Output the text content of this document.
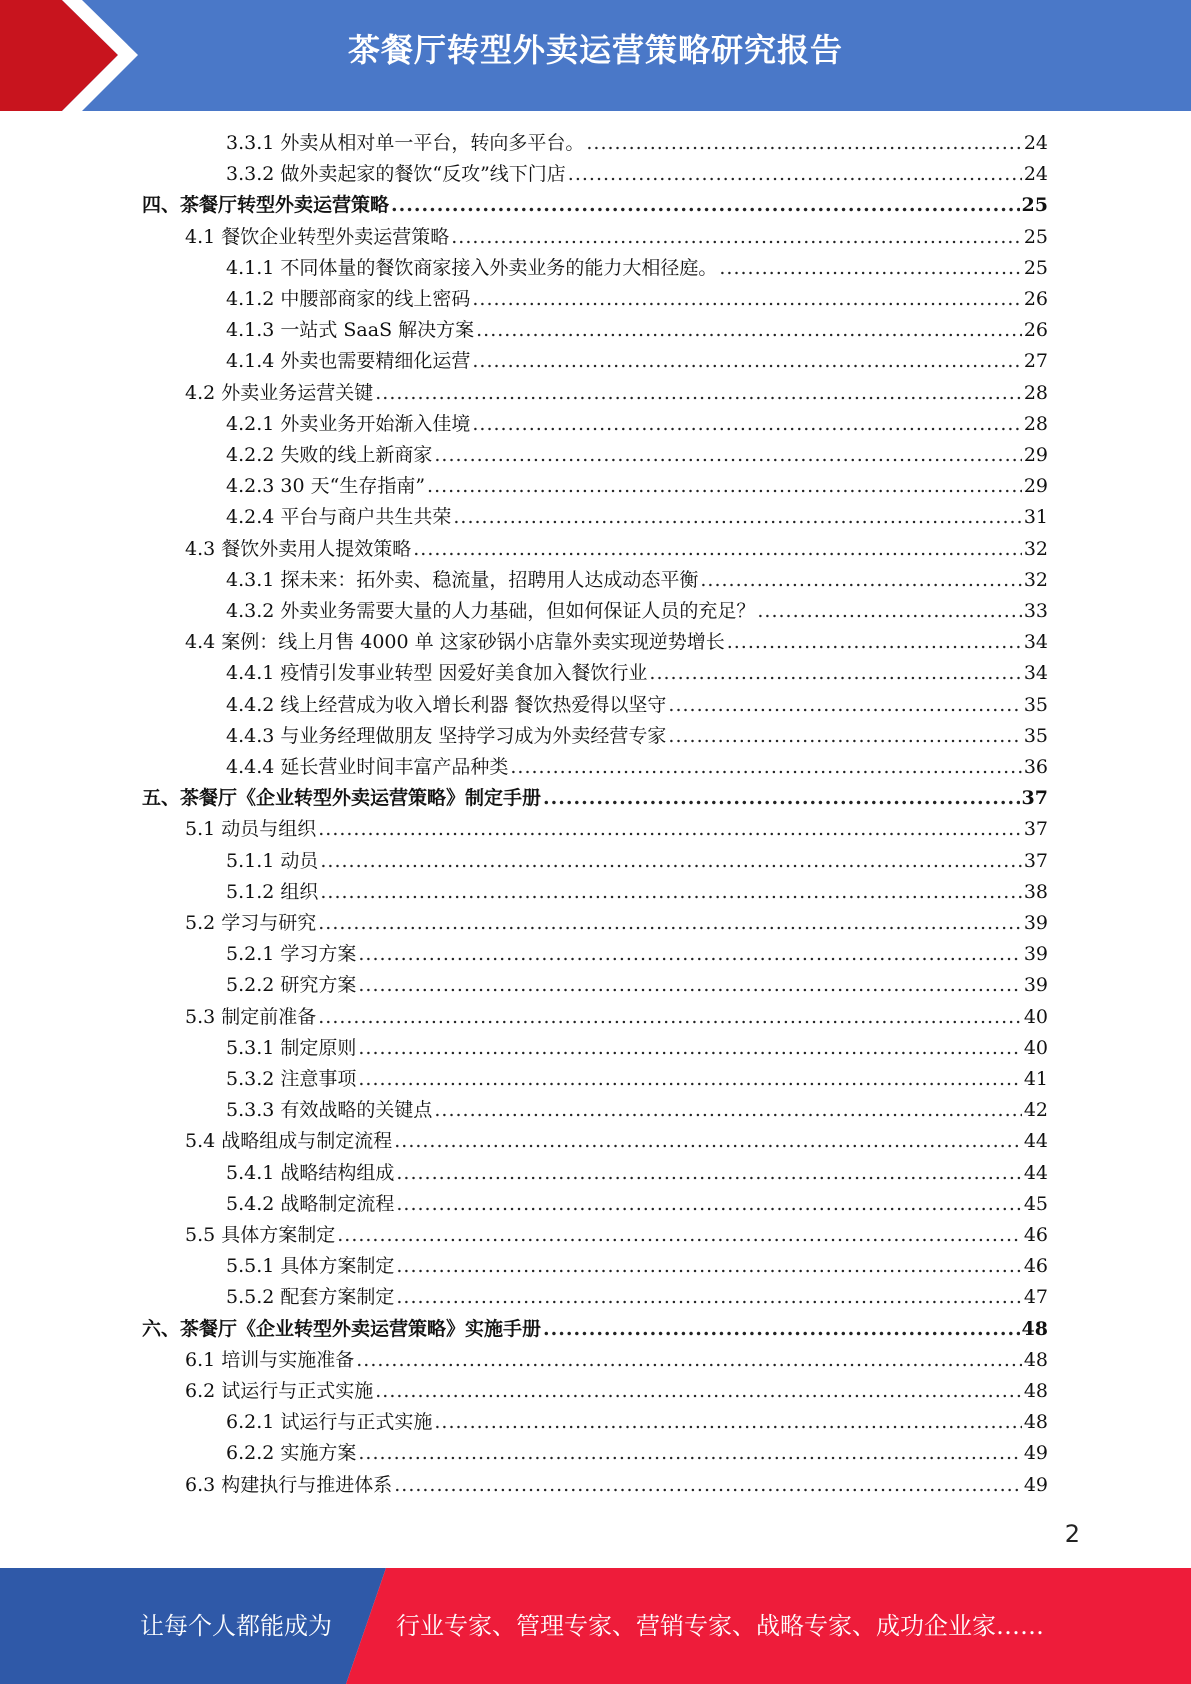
茶餐厅转型外卖运营策略研究报告
3.3.1 外卖从相对单一平台，转向多平台。 .....	24
3.3.2 做外卖起家的餐饮“反攻”线下门店 .....	24
四、茶餐厅转型外卖运营策略 .....	25
4.1 餐饮企业转型外卖运营策略 .....	25
4.1.1 不同体量的餐饮商家接入外卖业务的能力大相径庭。 .....	25
4.1.2 中腰部商家的线上密码 .....	26
4.1.3 一站式 SaaS 解决方案 .....	26
4.1.4 外卖也需要精细化运营 .....	27
4.2 外卖业务运营关键 .....	28
4.2.1 外卖业务开始渐入佳境 .....	28
4.2.2 失败的线上新商家 .....	29
4.2.3 30 天“生存指南” .....	29
4.2.4 平台与商户共生共荣 .....	31
4.3 餐饮外卖用人提效策略 .....	32
4.3.1 探未来：拓外卖、稳流量，招聘用人达成动态平衡 .....	32
4.3.2 外卖业务需要大量的人力基础，但如何保证人员的充足？ .....	33
4.4 案例：线上月售 4000 单 这家砂锅小店靠外卖实现逆势增长 .....	34
4.4.1 疫情引发事业转型 因爱好美食加入餐饮行业 .....	34
4.4.2 线上经营成为收入增长利器 餐饮热爱得以坚守 .....	35
4.4.3 与业务经理做朋友 坚持学习成为外卖经营专家 .....	35
4.4.4 延长营业时间丰富产品种类 .....	36
五、茶餐厅《企业转型外卖运营策略》制定手册 .....	37
5.1 动员与组织 .....	37
5.1.1 动员 .....	37
5.1.2 组织 .....	38
5.2 学习与研究 .....	39
5.2.1 学习方案 .....	39
5.2.2 研究方案 .....	39
5.3 制定前准备 .....	40
5.3.1 制定原则 .....	40
5.3.2 注意事项 .....	41
5.3.3 有效战略的关键点 .....	42
5.4 战略组成与制定流程 .....	44
5.4.1 战略结构组成 .....	44
5.4.2 战略制定流程 .....	45
5.5 具体方案制定 .....	46
5.5.1 具体方案制定 .....	46
5.5.2 配套方案制定 .....	47
六、茶餐厅《企业转型外卖运营策略》实施手册 .....	48
6.1 培训与实施准备 .....	48
6.2 试运行与正式实施 .....	48
6.2.1 试运行与正式实施 .....	48
6.2.2 实施方案 .....	49
6.3 构建执行与推进体系 .....	49
2
让每个人都能成为	行业专家、管理专家、营销专家、战略专家、成功企业家……
